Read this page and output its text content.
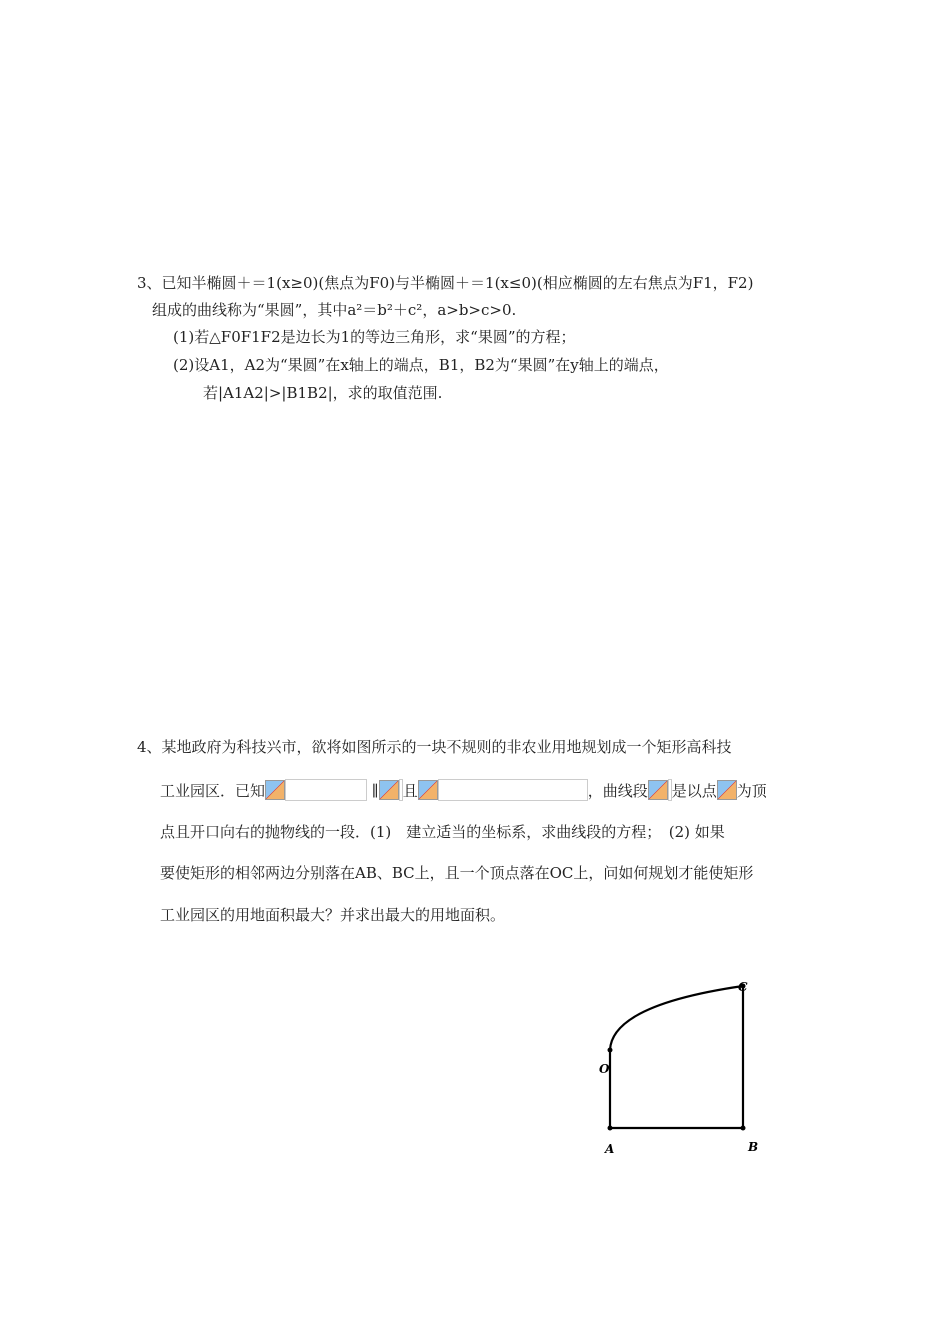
3、已知半椭圆＋＝1(x≥0)(焦点为F0)与半椭圆＋＝1(x≤0)(相应椭圆的左右焦点为F1，F2)
组成的曲线称为“果圆”，其中a²＝b²＋c²，a>b>c>0.
(1)若△F0F1F2是边长为1的等边三角形，求“果圆”的方程；
(2)设A1，A2为“果圆”在x轴上的端点，B1，B2为“果圆”在y轴上的端点，
若|A1A2|>|B1B2|，求的取值范围.
4、某地政府为科技兴市，欲将如图所示的一块不规则的非农业用地规划成一个矩形高科技
工业园区．已知	∥ 且	，曲线段 是以点 为顶
点且开口向右的抛物线的一段．(1)　建立适当的坐标系，求曲线段的方程；　(2) 如果
要使矩形的相邻两边分别落在AB、BC上，且一个顶点落在OC上，问如何规划才能使矩形
工业园区的用地面积最大？并求出最大的用地面积。
C
O
A	B
